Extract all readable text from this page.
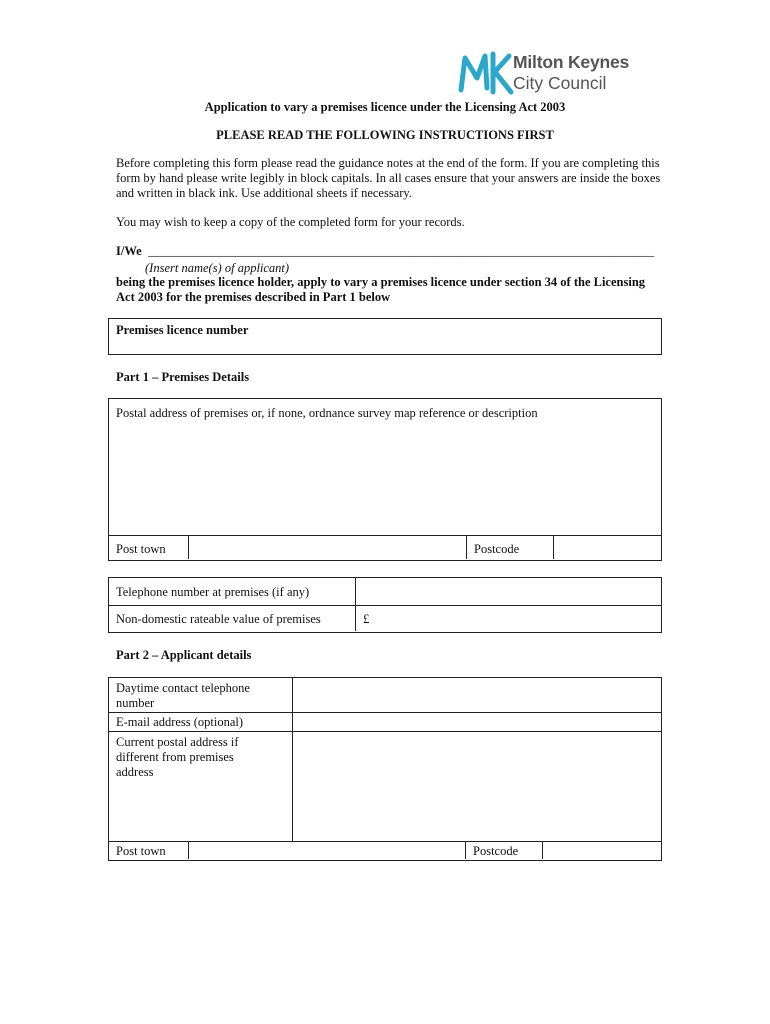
Milton Keynes
City Council
Application to vary a premises licence under the Licensing Act 2003
PLEASE READ THE FOLLOWING INSTRUCTIONS FIRST

Before completing this form please read the guidance notes at the end of the form. If you are completing this form by hand please write legibly in block capitals. In all cases ensure that your answers are inside the boxes and written in black ink. Use additional sheets if necessary.

You may wish to keep a copy of the completed form for your records.

I/We _________________________________________________________________________________
(Insert name(s) of applicant)

being the premises licence holder, apply to vary a premises licence under section 34 of the Licensing Act 2003 for the premises described in Part 1 below

Premises licence number
Part 1 – Premises Details
Postal address of premises or, if none, ordnance survey map reference or description
Post town	Postcode
Telephone number at premises (if any)
Non-domestic rateable value of premises	£
Part 2 – Applicant details
Daytime contact telephone number
E-mail address (optional)
Current postal address if different from premises address
Post town	Postcode
